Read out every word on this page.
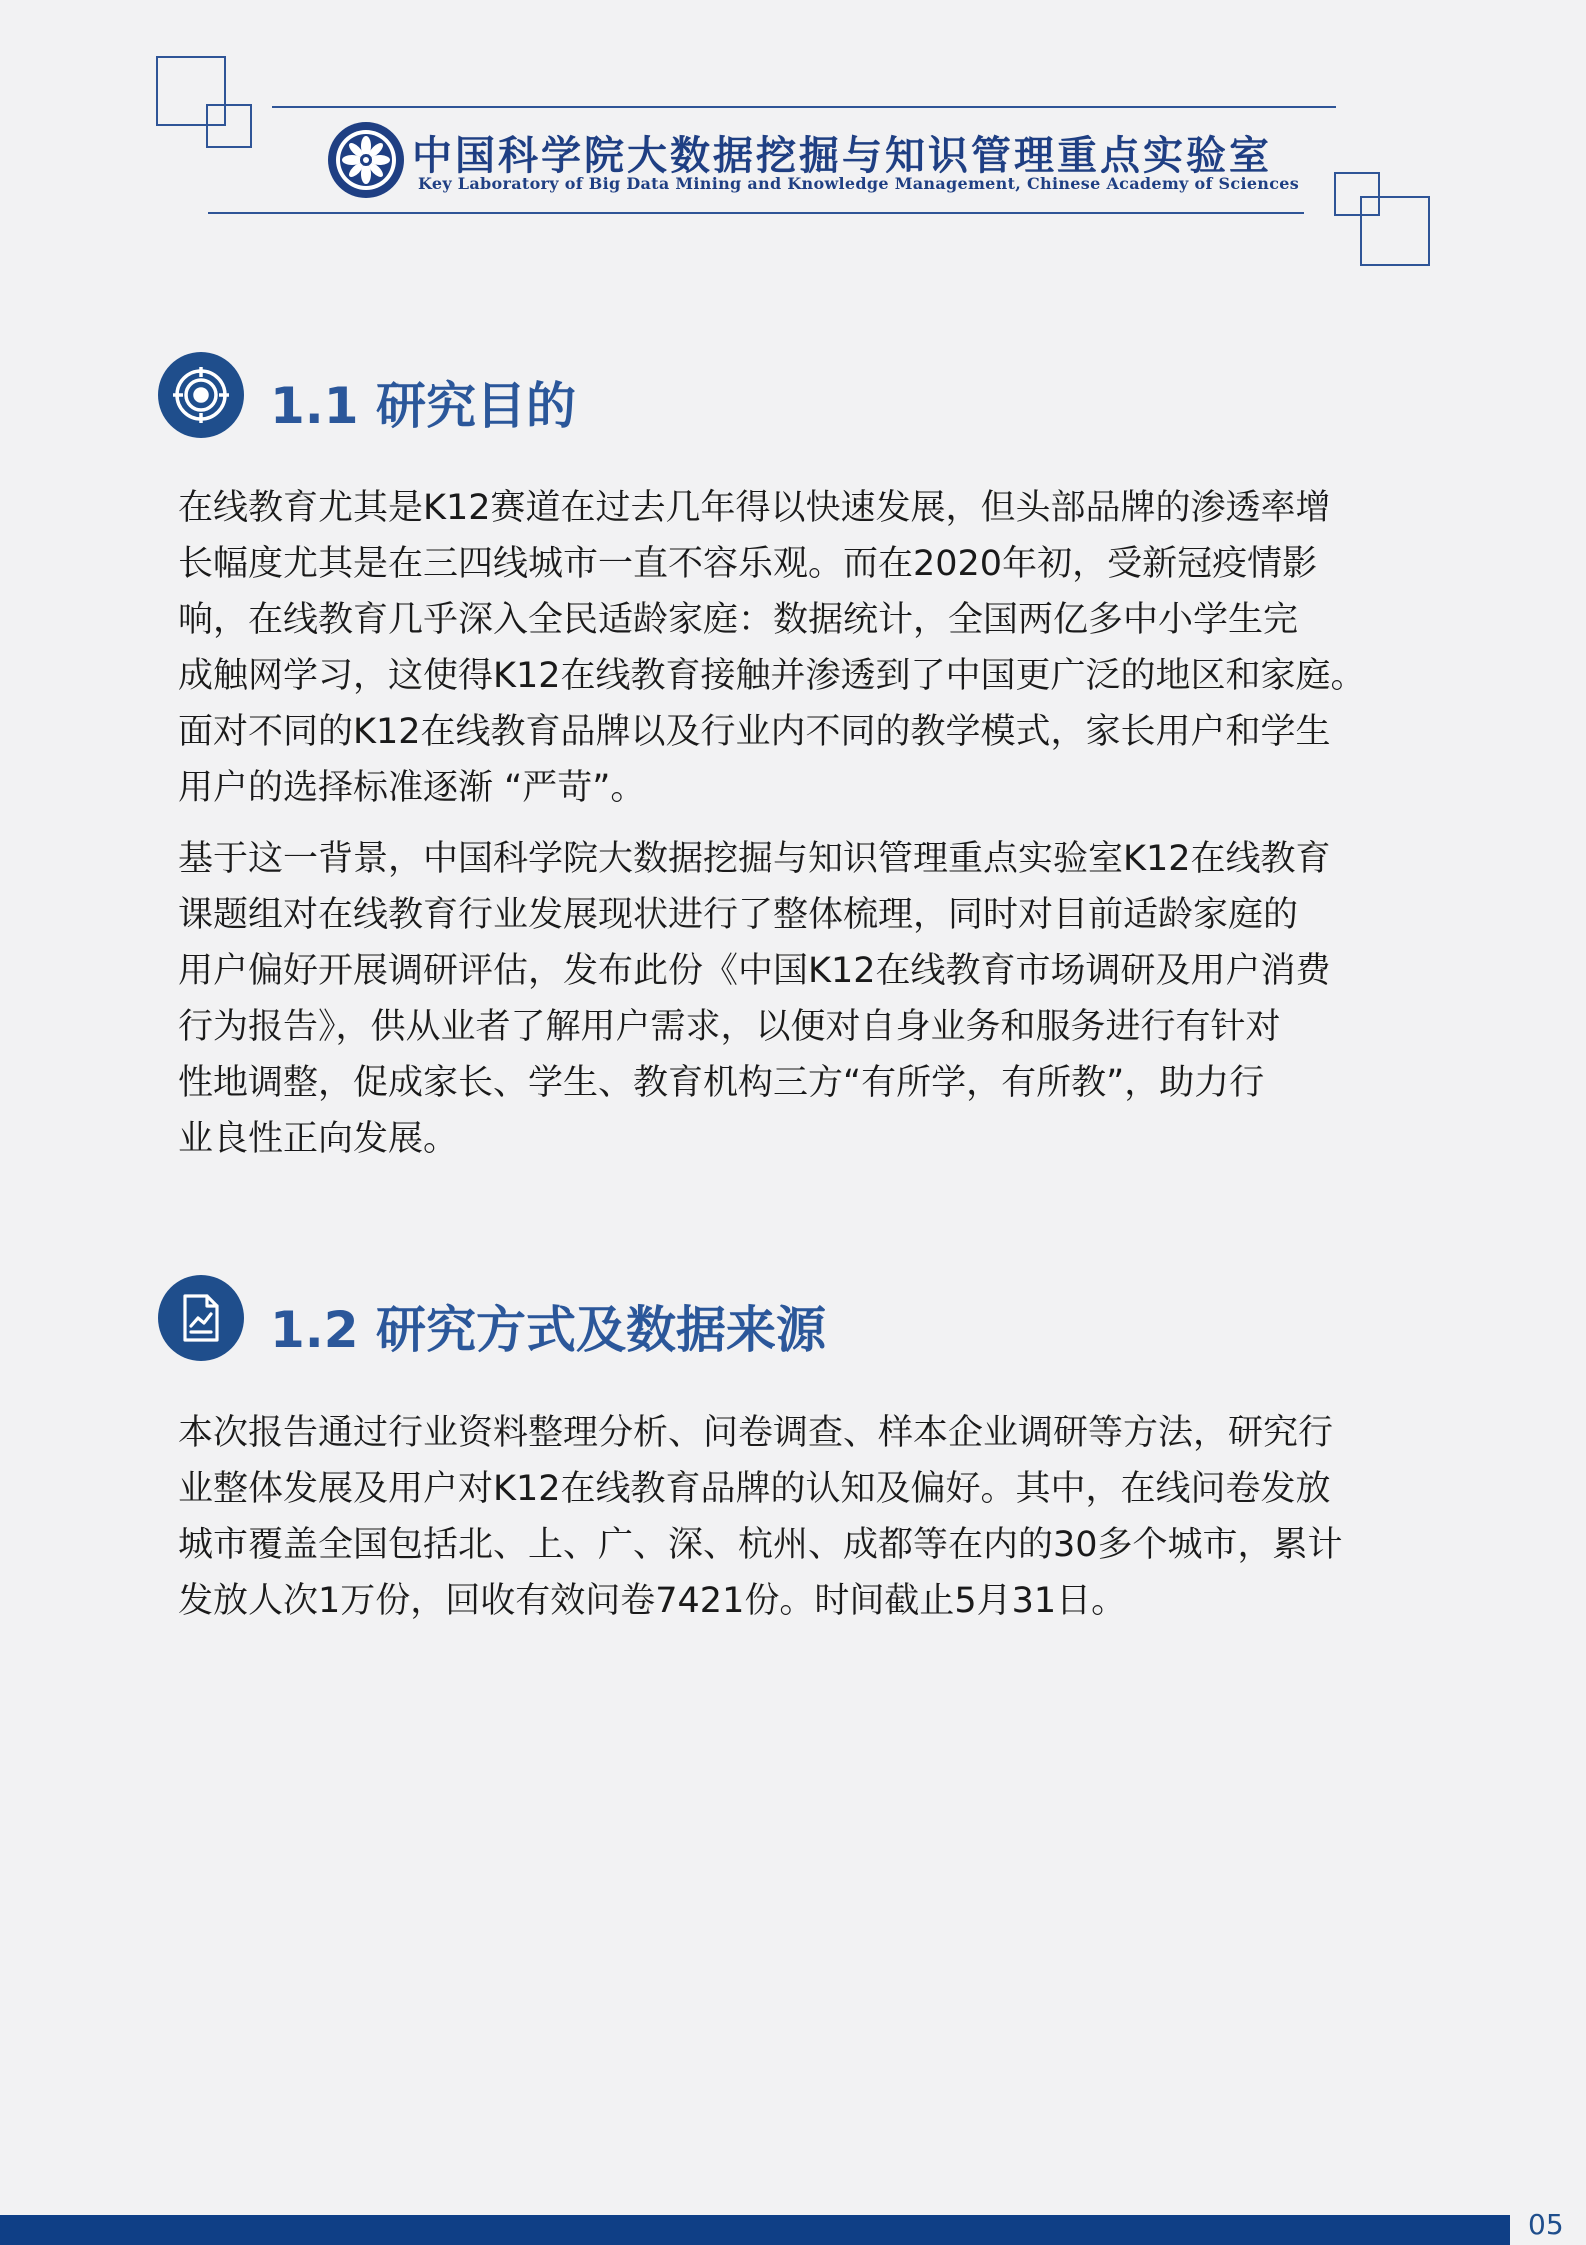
中国科学院大数据挖掘与知识管理重点实验室
Key Laboratory of Big Data Mining and Knowledge Management, Chinese Academy of Sciences
1.1 研究目的
在线教育尤其是K12赛道在过去几年得以快速发展，但头部品牌的渗透率增
长幅度尤其是在三四线城市一直不容乐观。而在2020年初，受新冠疫情影
响，在线教育几乎深入全民适龄家庭：数据统计，全国两亿多中小学生完
成触网学习，这使得K12在线教育接触并渗透到了中国更广泛的地区和家庭。
面对不同的K12在线教育品牌以及行业内不同的教学模式，家长用户和学生
用户的选择标准逐渐 “严苛”。
基于这一背景，中国科学院大数据挖掘与知识管理重点实验室K12在线教育
课题组对在线教育行业发展现状进行了整体梳理，同时对目前适龄家庭的
用户偏好开展调研评估，发布此份《中国K12在线教育市场调研及用户消费
行为报告》，供从业者了解用户需求，以便对自身业务和服务进行有针对
性地调整，促成家长、学生、教育机构三方“有所学，有所教”，助力行
业良性正向发展。
1.2 研究方式及数据来源
本次报告通过行业资料整理分析、问卷调查、样本企业调研等方法，研究行
业整体发展及用户对K12在线教育品牌的认知及偏好。其中，在线问卷发放
城市覆盖全国包括北、上、广、深、杭州、成都等在内的30多个城市，累计
发放人次1万份，回收有效问卷7421份。时间截止5月31日。
05
